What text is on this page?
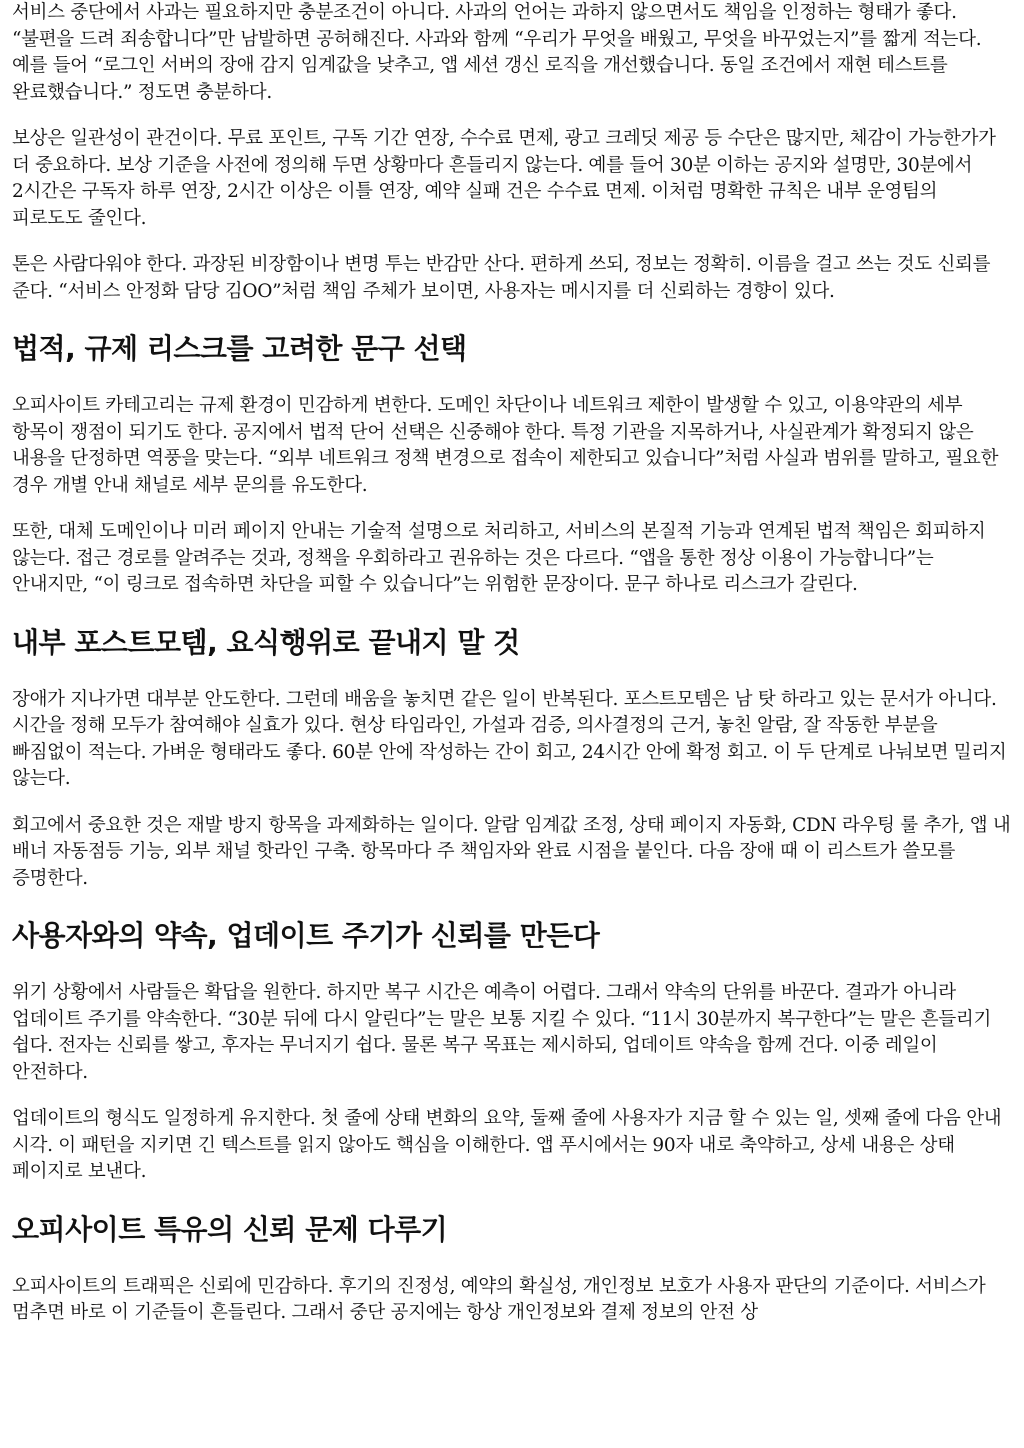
서비스 중단에서 사과는 필요하지만 충분조건이 아니다. 사과의 언어는 과하지 않으면서도 책임을 인정하는 형태가 좋다. “불편을 드려 죄송합니다”만 남발하면 공허해진다. 사과와 함께 “우리가 무엇을 배웠고, 무엇을 바꾸었는지”를 짧게 적는다. 예를 들어 “로그인 서버의 장애 감지 임계값을 낮추고, 앱 세션 갱신 로직을 개선했습니다. 동일 조건에서 재현 테스트를 완료했습니다.” 정도면 충분하다.

보상은 일관성이 관건이다. 무료 포인트, 구독 기간 연장, 수수료 면제, 광고 크레딧 제공 등 수단은 많지만, 체감이 가능한가가 더 중요하다. 보상 기준을 사전에 정의해 두면 상황마다 흔들리지 않는다. 예를 들어 30분 이하는 공지와 설명만, 30분에서 2시간은 구독자 하루 연장, 2시간 이상은 이틀 연장, 예약 실패 건은 수수료 면제. 이처럼 명확한 규칙은 내부 운영팀의 피로도도 줄인다.

톤은 사람다워야 한다. 과장된 비장함이나 변명 투는 반감만 산다. 편하게 쓰되, 정보는 정확히. 이름을 걸고 쓰는 것도 신뢰를 준다. “서비스 안정화 담당 김OO”처럼 책임 주체가 보이면, 사용자는 메시지를 더 신뢰하는 경향이 있다.

법적, 규제 리스크를 고려한 문구 선택

오피사이트 카테고리는 규제 환경이 민감하게 변한다. 도메인 차단이나 네트워크 제한이 발생할 수 있고, 이용약관의 세부 항목이 쟁점이 되기도 한다. 공지에서 법적 단어 선택은 신중해야 한다. 특정 기관을 지목하거나, 사실관계가 확정되지 않은 내용을 단정하면 역풍을 맞는다. “외부 네트워크 정책 변경으로 접속이 제한되고 있습니다”처럼 사실과 범위를 말하고, 필요한 경우 개별 안내 채널로 세부 문의를 유도한다.

또한, 대체 도메인이나 미러 페이지 안내는 기술적 설명으로 처리하고, 서비스의 본질적 기능과 연계된 법적 책임은 회피하지 않는다. 접근 경로를 알려주는 것과, 정책을 우회하라고 권유하는 것은 다르다. “앱을 통한 정상 이용이 가능합니다”는 안내지만, “이 링크로 접속하면 차단을 피할 수 있습니다”는 위험한 문장이다. 문구 하나로 리스크가 갈린다.

내부 포스트모템, 요식행위로 끝내지 말 것

장애가 지나가면 대부분 안도한다. 그런데 배움을 놓치면 같은 일이 반복된다. 포스트모템은 남 탓 하라고 있는 문서가 아니다. 시간을 정해 모두가 참여해야 실효가 있다. 현상 타임라인, 가설과 검증, 의사결정의 근거, 놓친 알람, 잘 작동한 부분을 빠짐없이 적는다. 가벼운 형태라도 좋다. 60분 안에 작성하는 간이 회고, 24시간 안에 확정 회고. 이 두 단계로 나눠보면 밀리지 않는다.

회고에서 중요한 것은 재발 방지 항목을 과제화하는 일이다. 알람 임계값 조정, 상태 페이지 자동화, CDN 라우팅 룰 추가, 앱 내 배너 자동점등 기능, 외부 채널 핫라인 구축. 항목마다 주 책임자와 완료 시점을 붙인다. 다음 장애 때 이 리스트가 쓸모를 증명한다.

사용자와의 약속, 업데이트 주기가 신뢰를 만든다

위기 상황에서 사람들은 확답을 원한다. 하지만 복구 시간은 예측이 어렵다. 그래서 약속의 단위를 바꾼다. 결과가 아니라 업데이트 주기를 약속한다. “30분 뒤에 다시 알린다”는 말은 보통 지킬 수 있다. “11시 30분까지 복구한다”는 말은 흔들리기 쉽다. 전자는 신뢰를 쌓고, 후자는 무너지기 쉽다. 물론 복구 목표는 제시하되, 업데이트 약속을 함께 건다. 이중 레일이 안전하다.

업데이트의 형식도 일정하게 유지한다. 첫 줄에 상태 변화의 요약, 둘째 줄에 사용자가 지금 할 수 있는 일, 셋째 줄에 다음 안내 시각. 이 패턴을 지키면 긴 텍스트를 읽지 않아도 핵심을 이해한다. 앱 푸시에서는 90자 내로 축약하고, 상세 내용은 상태 페이지로 보낸다.

오피사이트 특유의 신뢰 문제 다루기

오피사이트의 트래픽은 신뢰에 민감하다. 후기의 진정성, 예약의 확실성, 개인정보 보호가 사용자 판단의 기준이다. 서비스가 멈추면 바로 이 기준들이 흔들린다. 그래서 중단 공지에는 항상 개인정보와 결제 정보의 안전 상
